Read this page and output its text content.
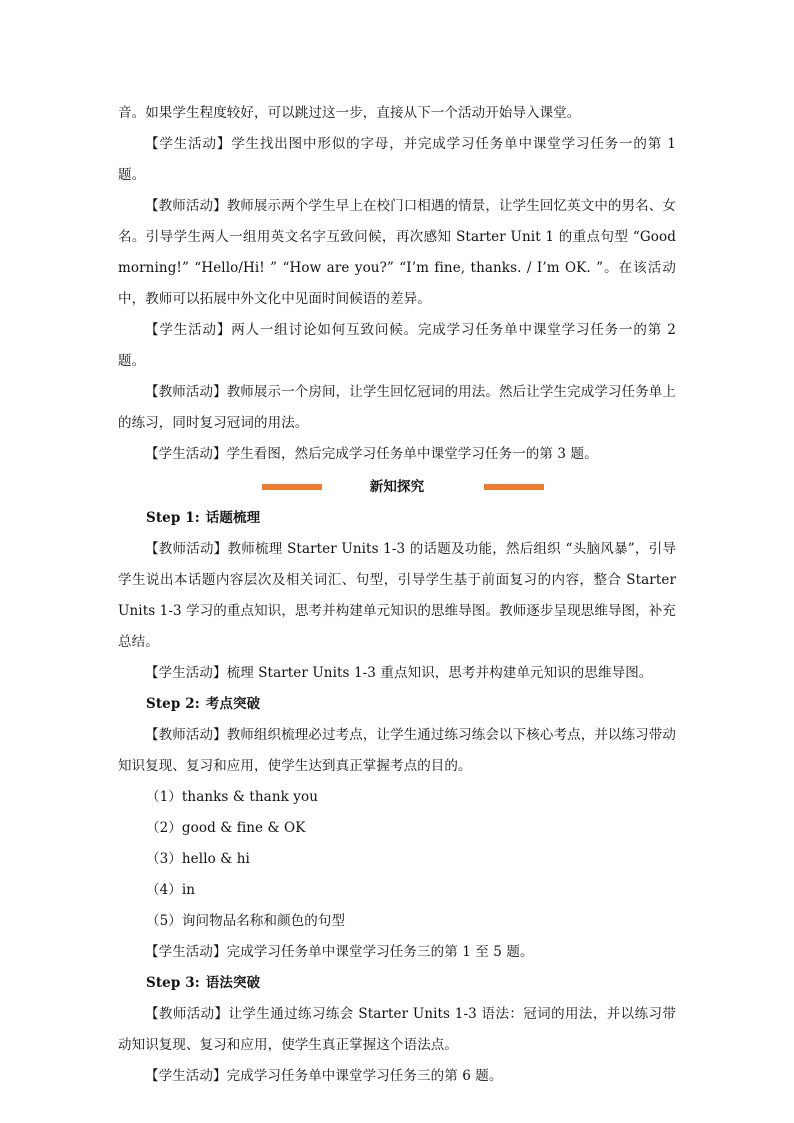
音。如果学生程度较好，可以跳过这一步，直接从下一个活动开始导入课堂。

【学生活动】学生找出图中形似的字母，并完成学习任务单中课堂学习任务一的第 1 题。

【教师活动】教师展示两个学生早上在校门口相遇的情景，让学生回忆英文中的男名、女名。引导学生两人一组用英文名字互致问候，再次感知 Starter Unit 1 的重点句型 “Good morning!” “Hello/Hi! ” “How are you?” “I’m fine, thanks. / I’m OK. ”。在该活动中，教师可以拓展中外文化中见面时间候语的差异。

【学生活动】两人一组讨论如何互致问候。完成学习任务单中课堂学习任务一的第 2 题。

【教师活动】教师展示一个房间，让学生回忆冠词的用法。然后让学生完成学习任务单上的练习，同时复习冠词的用法。

【学生活动】学生看图，然后完成学习任务单中课堂学习任务一的第 3 题。

新知探究

Step 1: 话题梳理

【教师活动】教师梳理 Starter Units 1-3 的话题及功能，然后组织 “头脑风暴”，引导学生说出本话题内容层次及相关词汇、句型，引导学生基于前面复习的内容，整合 Starter Units 1-3 学习的重点知识，思考并构建单元知识的思维导图。教师逐步呈现思维导图，补充总结。

【学生活动】梳理 Starter Units 1-3 重点知识，思考并构建单元知识的思维导图。

Step 2: 考点突破

【教师活动】教师组织梳理必过考点，让学生通过练习练会以下核心考点，并以练习带动知识复现、复习和应用，使学生达到真正掌握考点的目的。

（1）thanks & thank you

（2）good & fine & OK

（3）hello & hi

（4）in

（5）询问物品名称和颜色的句型

【学生活动】完成学习任务单中课堂学习任务三的第 1 至 5 题。

Step 3: 语法突破

【教师活动】让学生通过练习练会 Starter Units 1-3 语法：冠词的用法，并以练习带动知识复现、复习和应用，使学生真正掌握这个语法点。

【学生活动】完成学习任务单中课堂学习任务三的第 6 题。
